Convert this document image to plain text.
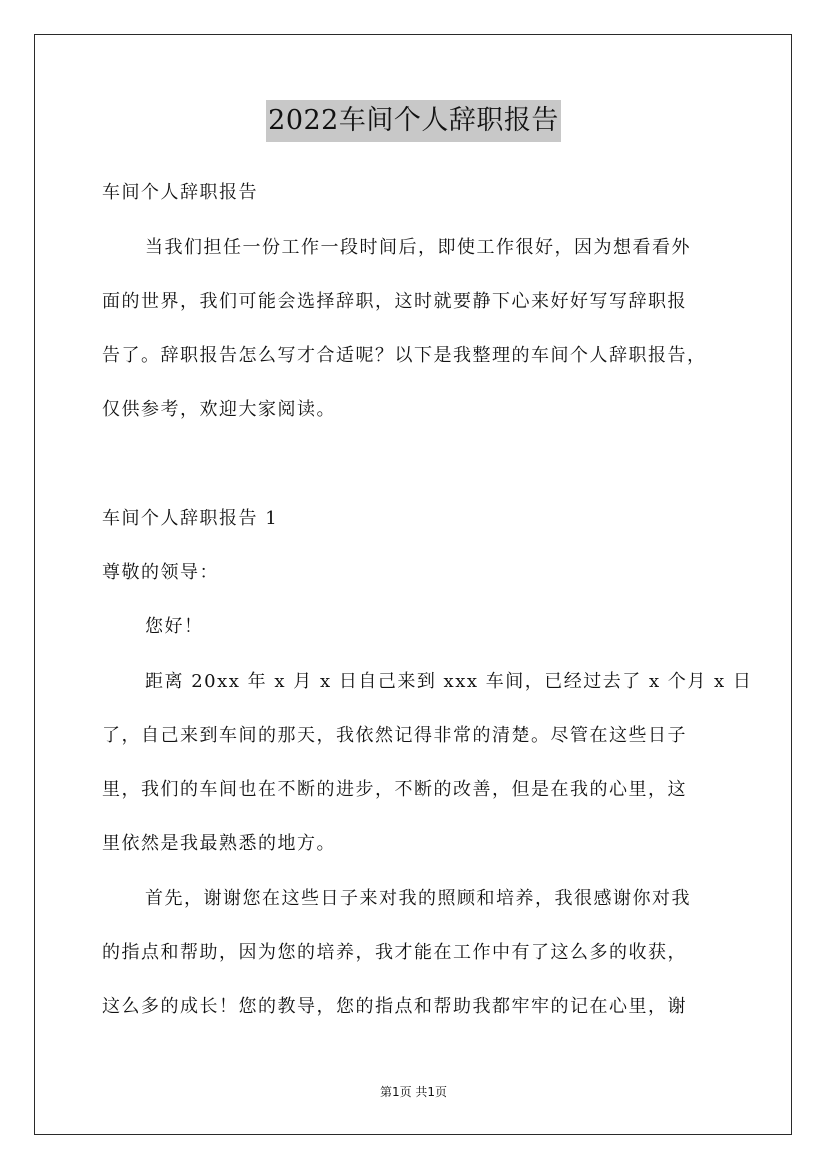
2022车间个人辞职报告
车间个人辞职报告
当我们担任一份工作一段时间后，即使工作很好，因为想看看外
面的世界，我们可能会选择辞职，这时就要静下心来好好写写辞职报
告了。辞职报告怎么写才合适呢？以下是我整理的车间个人辞职报告，
仅供参考，欢迎大家阅读。
车间个人辞职报告 1
尊敬的领导：
您好！
距离 20xx 年 x 月 x 日自己来到 xxx 车间，已经过去了 x 个月 x 日
了，自己来到车间的那天，我依然记得非常的清楚。尽管在这些日子
里，我们的车间也在不断的进步，不断的改善，但是在我的心里，这
里依然是我最熟悉的地方。
首先，谢谢您在这些日子来对我的照顾和培养，我很感谢你对我
的指点和帮助，因为您的培养，我才能在工作中有了这么多的收获，
这么多的成长！您的教导，您的指点和帮助我都牢牢的记在心里，谢
第1页 共1页
